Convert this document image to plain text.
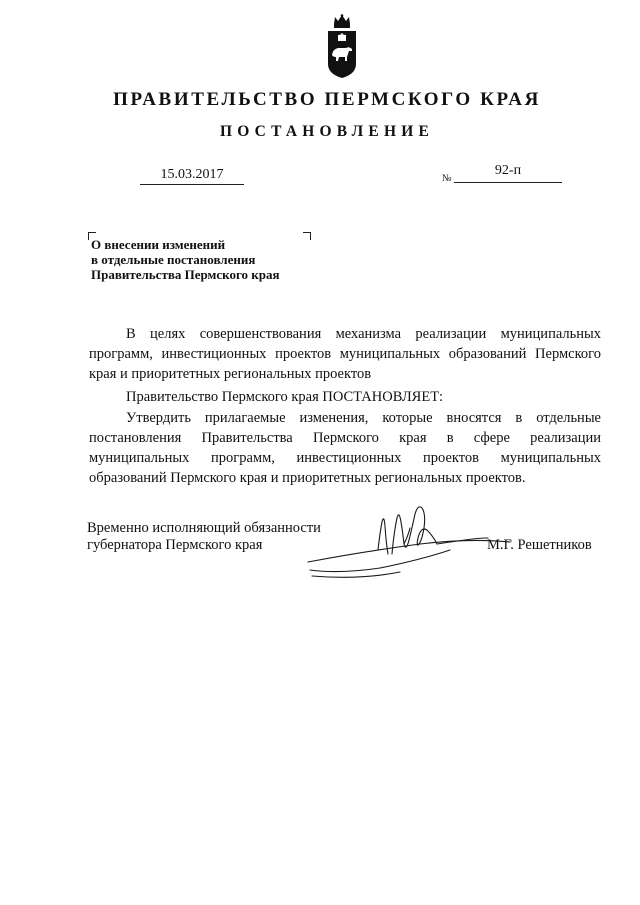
ПРАВИТЕЛЬСТВО ПЕРМСКОГО КРАЯ
ПОСТАНОВЛЕНИЕ
15.03.2017	№
92-п
О внесении изменений
в отдельные постановления
Правительства Пермского края

В целях совершенствования механизма реализации муниципальных программ, инвестиционных проектов муниципальных образований Пермского края и приоритетных региональных проектов

Правительство Пермского края ПОСТАНОВЛЯЕТ:

Утвердить прилагаемые изменения, которые вносятся в отдельные постановления Правительства Пермского края в сфере реализации муниципальных программ, инвестиционных проектов муниципальных образований Пермского края и приоритетных региональных проектов.

Временно исполняющий обязанности
губернатора Пермского края	М.Г. Решетников
